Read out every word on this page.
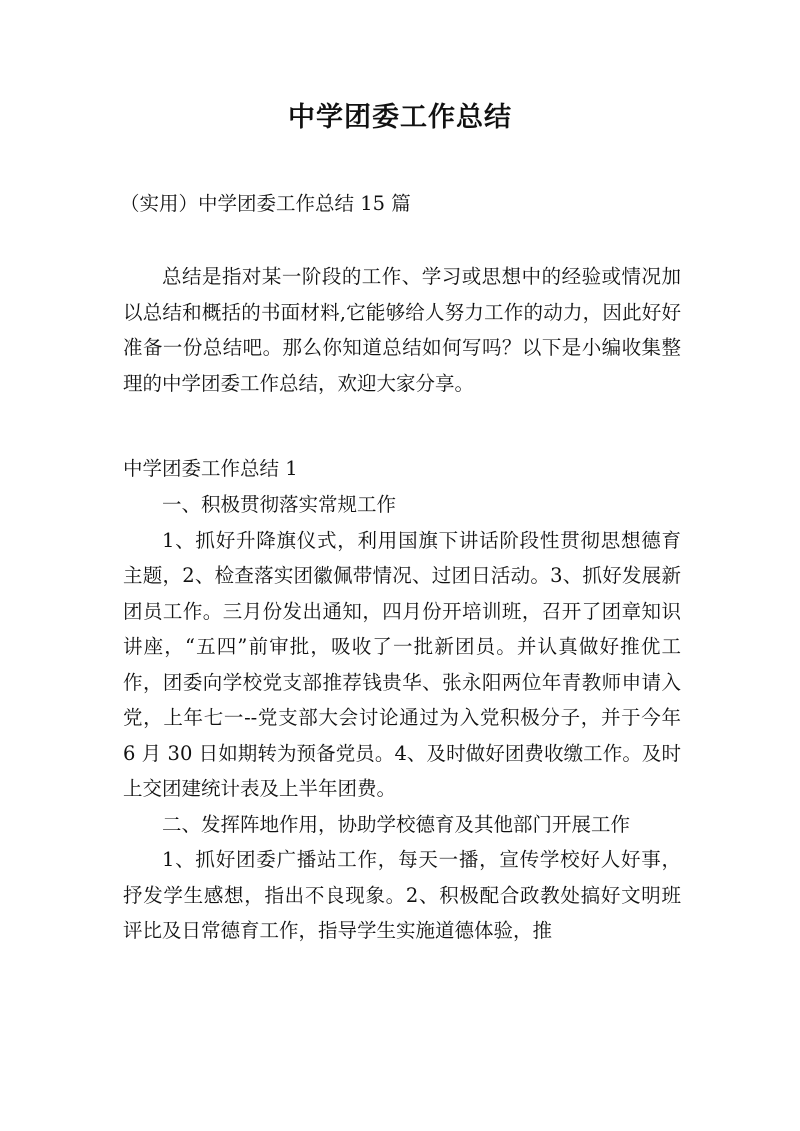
中学团委工作总结
（实用）中学团委工作总结 15 篇

总结是指对某一阶段的工作、学习或思想中的经验或情况加以总结和概括的书面材料,它能够给人努力工作的动力，因此好好准备一份总结吧。那么你知道总结如何写吗？以下是小编收集整理的中学团委工作总结，欢迎大家分享。

中学团委工作总结 1

一、积极贯彻落实常规工作

1、抓好升降旗仪式，利用国旗下讲话阶段性贯彻思想德育主题，2、检查落实团徽佩带情况、过团日活动。3、抓好发展新团员工作。三月份发出通知，四月份开培训班，召开了团章知识讲座，“五四”前审批，吸收了一批新团员。并认真做好推优工作，团委向学校党支部推荐钱贵华、张永阳两位年青教师申请入党，上年七一--党支部大会讨论通过为入党积极分子，并于今年 6 月 30 日如期转为预备党员。4、及时做好团费收缴工作。及时上交团建统计表及上半年团费。

二、发挥阵地作用，协助学校德育及其他部门开展工作

1、抓好团委广播站工作，每天一播，宣传学校好人好事，抒发学生感想，指出不良现象。2、积极配合政教处搞好文明班评比及日常德育工作，指导学生实施道德体验，推
